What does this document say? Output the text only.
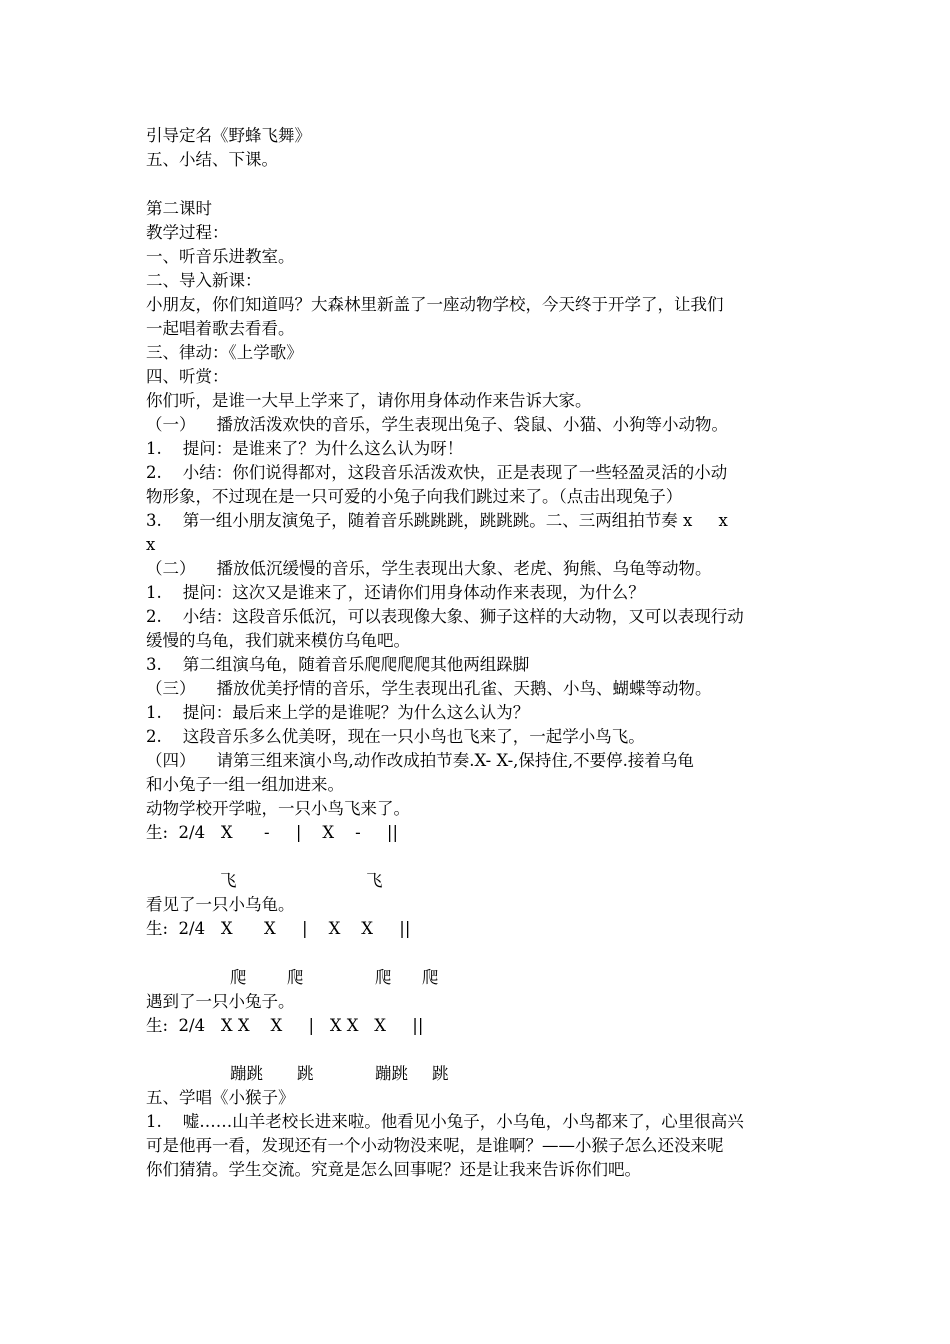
引导定名《野蜂飞舞》
五、小结、下课。
第二课时
教学过程：
一、听音乐进教室。
二、导入新课：
小朋友，你们知道吗？大森林里新盖了一座动物学校，今天终于开学了，让我们
一起唱着歌去看看。
三、律动：《上学歌》
四、听赏：
你们听，是谁一大早上学来了，请你用身体动作来告诉大家。
（一）    播放活泼欢快的音乐，学生表现出兔子、袋鼠、小猫、小狗等小动物。
1.    提问：是谁来了？为什么这么认为呀！
2.    小结：你们说得都对，这段音乐活泼欢快，正是表现了一些轻盈灵活的小动
物形象，不过现在是一只可爱的小兔子向我们跳过来了。（点击出现兔子）
3.    第一组小朋友演兔子，随着音乐跳跳跳，跳跳跳。二、三两组拍节奏 x     x
x
（二）    播放低沉缓慢的音乐，学生表现出大象、老虎、狗熊、乌龟等动物。
1.    提问：这次又是谁来了，还请你们用身体动作来表现，为什么？
2.    小结：这段音乐低沉，可以表现像大象、狮子这样的大动物，又可以表现行动
缓慢的乌龟，我们就来模仿乌龟吧。
3.    第二组演乌龟，随着音乐爬爬爬爬其他两组跺脚
（三）    播放优美抒情的音乐，学生表现出孔雀、天鹅、小鸟、蝴蝶等动物。
1.    提问：最后来上学的是谁呢？为什么这么认为？
2.    这段音乐多么优美呀，现在一只小鸟也飞来了，一起学小鸟飞。
（四）    请第三组来演小鸟,动作改成拍节奏.X- X-,保持住,不要停.接着乌龟
和小兔子一组一组加进来。
动物学校开学啦，一只小鸟飞来了。
生:  2/4   X      -     |    X    -     ||
飞	飞
看见了一只小乌龟。
生:  2/4   X      X     |    X    X     ||
爬 爬	爬 爬
遇到了一只小兔子。
生:  2/4   X X    X     |   X X   X     ||
蹦跳 跳	蹦跳 跳
五、学唱《小猴子》
1.    嘘……山羊老校长进来啦。他看见小兔子，小乌龟，小鸟都来了，心里很高兴
可是他再一看，发现还有一个小动物没来呢，是谁啊？——小猴子怎么还没来呢
你们猜猜。学生交流。究竟是怎么回事呢？还是让我来告诉你们吧。
